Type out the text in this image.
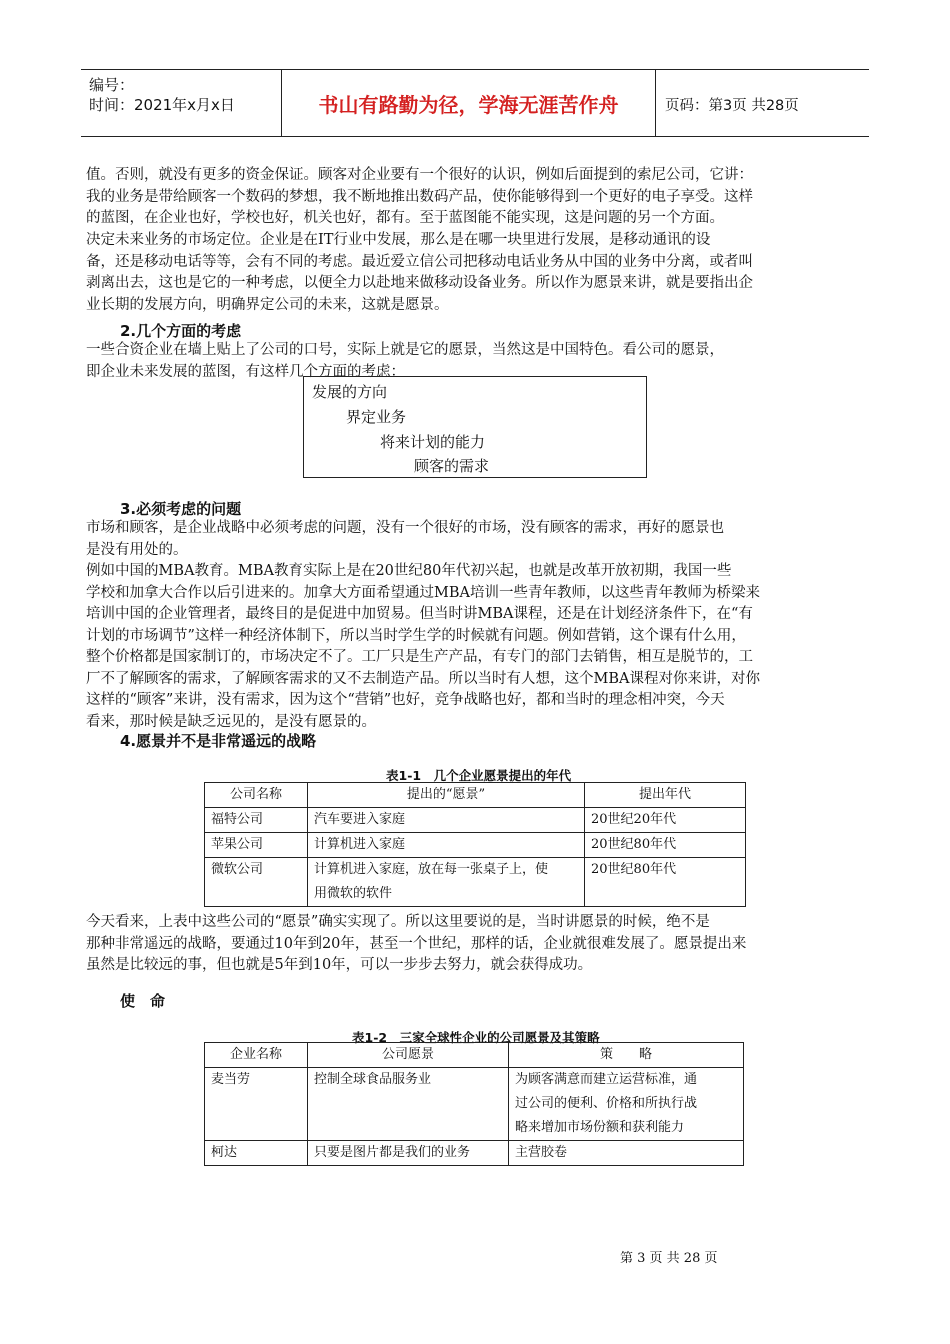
编号：
时间：2021年x月x日	书山有路勤为径，学海无涯苦作舟	页码：第3页 共28页
值。否则，就没有更多的资金保证。顾客对企业要有一个很好的认识，例如后面提到的索尼公司，它讲：
我的业务是带给顾客一个数码的梦想，我不断地推出数码产品，使你能够得到一个更好的电子享受。这样
的蓝图，在企业也好，学校也好，机关也好，都有。至于蓝图能不能实现，这是问题的另一个方面。
决定未来业务的市场定位。企业是在IT行业中发展，那么是在哪一块里进行发展，是移动通讯的设
备，还是移动电话等等，会有不同的考虑。最近爱立信公司把移动电话业务从中国的业务中分离，或者叫
剥离出去，这也是它的一种考虑，以便全力以赴地来做移动设备业务。所以作为愿景来讲，就是要指出企
业长期的发展方向，明确界定公司的未来，这就是愿景。
2.几个方面的考虑
一些合资企业在墙上贴上了公司的口号，实际上就是它的愿景，当然这是中国特色。看公司的愿景，
即企业未来发展的蓝图，有这样几个方面的考虑：
发展的方向
界定业务
将来计划的能力
顾客的需求
3.必须考虑的问题
市场和顾客，是企业战略中必须考虑的问题，没有一个很好的市场，没有顾客的需求，再好的愿景也
是没有用处的。
例如中国的MBA教育。MBA教育实际上是在20世纪80年代初兴起，也就是改革开放初期，我国一些
学校和加拿大合作以后引进来的。加拿大方面希望通过MBA培训一些青年教师，以这些青年教师为桥梁来
培训中国的企业管理者，最终目的是促进中加贸易。但当时讲MBA课程，还是在计划经济条件下，在“有
计划的市场调节”这样一种经济体制下，所以当时学生学的时候就有问题。例如营销，这个课有什么用，
整个价格都是国家制订的，市场决定不了。工厂只是生产产品，有专门的部门去销售，相互是脱节的，工
厂不了解顾客的需求，了解顾客需求的又不去制造产品。所以当时有人想，这个MBA课程对你来讲，对你
这样的“顾客”来讲，没有需求，因为这个“营销”也好，竞争战略也好，都和当时的理念相冲突，今天
看来，那时候是缺乏远见的，是没有愿景的。
4.愿景并不是非常遥远的战略
表1-1　几个企业愿景提出的年代
公司名称	提出的“愿景”	提出年代
福特公司	汽车要进入家庭	20世纪20年代
苹果公司	计算机进入家庭	20世纪80年代
微软公司	计算机进入家庭，放在每一张桌子上，使
用微软的软件	20世纪80年代
今天看来，上表中这些公司的“愿景”确实实现了。所以这里要说的是，当时讲愿景的时候，绝不是
那种非常遥远的战略，要通过10年到20年，甚至一个世纪，那样的话，企业就很难发展了。愿景提出来
虽然是比较远的事，但也就是5年到10年，可以一步步去努力，就会获得成功。
使　命
表1-2　三家全球性企业的公司愿景及其策略
企业名称	公司愿景	策　　略
麦当劳	控制全球食品服务业	为顾客满意而建立运营标准，通
过公司的便利、价格和所执行战
略来增加市场份额和获利能力

柯达	只要是图片都是我们的业务	主营胶卷
第 3 页 共 28 页
